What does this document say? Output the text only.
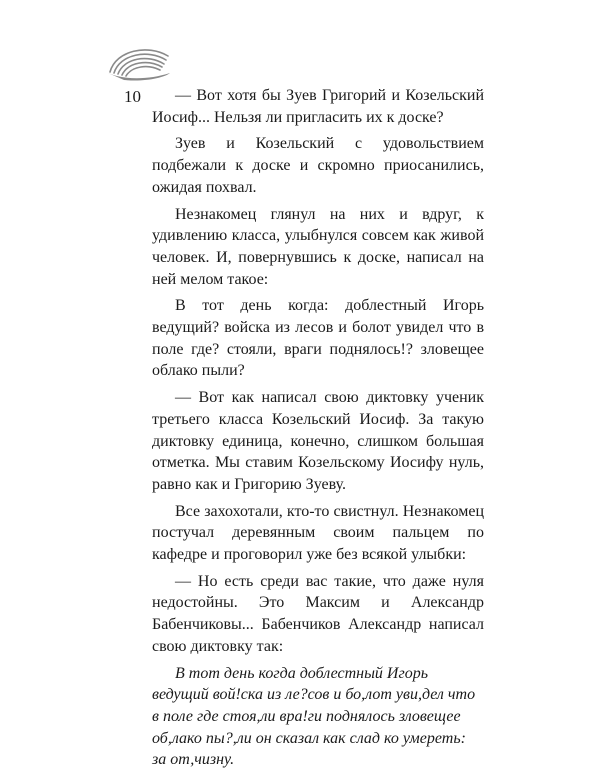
10	— Вот хотя бы Зуев Григорий и Козельский Иосиф... Нельзя ли пригласить их к доске?

Зуев и Козельский с удовольствием подбежали к доске и скромно приосанились, ожидая похвал.

Незнакомец глянул на них и вдруг, к удивлению класса, улыбнулся совсем как живой человек. И, повернувшись к доске, написал на ней мелом такое:

В тот день когда: доблестный Игорь ведущий? войска из лесов и болот увидел что в поле где? стояли, враги поднялось!? зловещее облако пыли?

— Вот как написал свою диктовку ученик третьего класса Козельский Иосиф. За такую диктовку единица, конечно, слишком большая отметка. Мы ставим Козельскому Иосифу нуль, равно как и Григорию Зуеву.

Все захохотали, кто-то свистнул. Незнакомец постучал деревянным своим пальцем по кафедре и проговорил уже без всякой улыбки:

— Но есть среди вас такие, что даже нуля недостойны. Это Максим и Александр Бабенчиковы... Бабенчиков Александр написал свою диктовку так:

В тот день когда доблестный Игорь ведущий вой!ска из ле?сов и бо,лот уви,дел что в поле где стоя,ли вра!ги поднялось зловещее об,лако пы?,ли он сказал как слад ко умереть: за от,чизну.
